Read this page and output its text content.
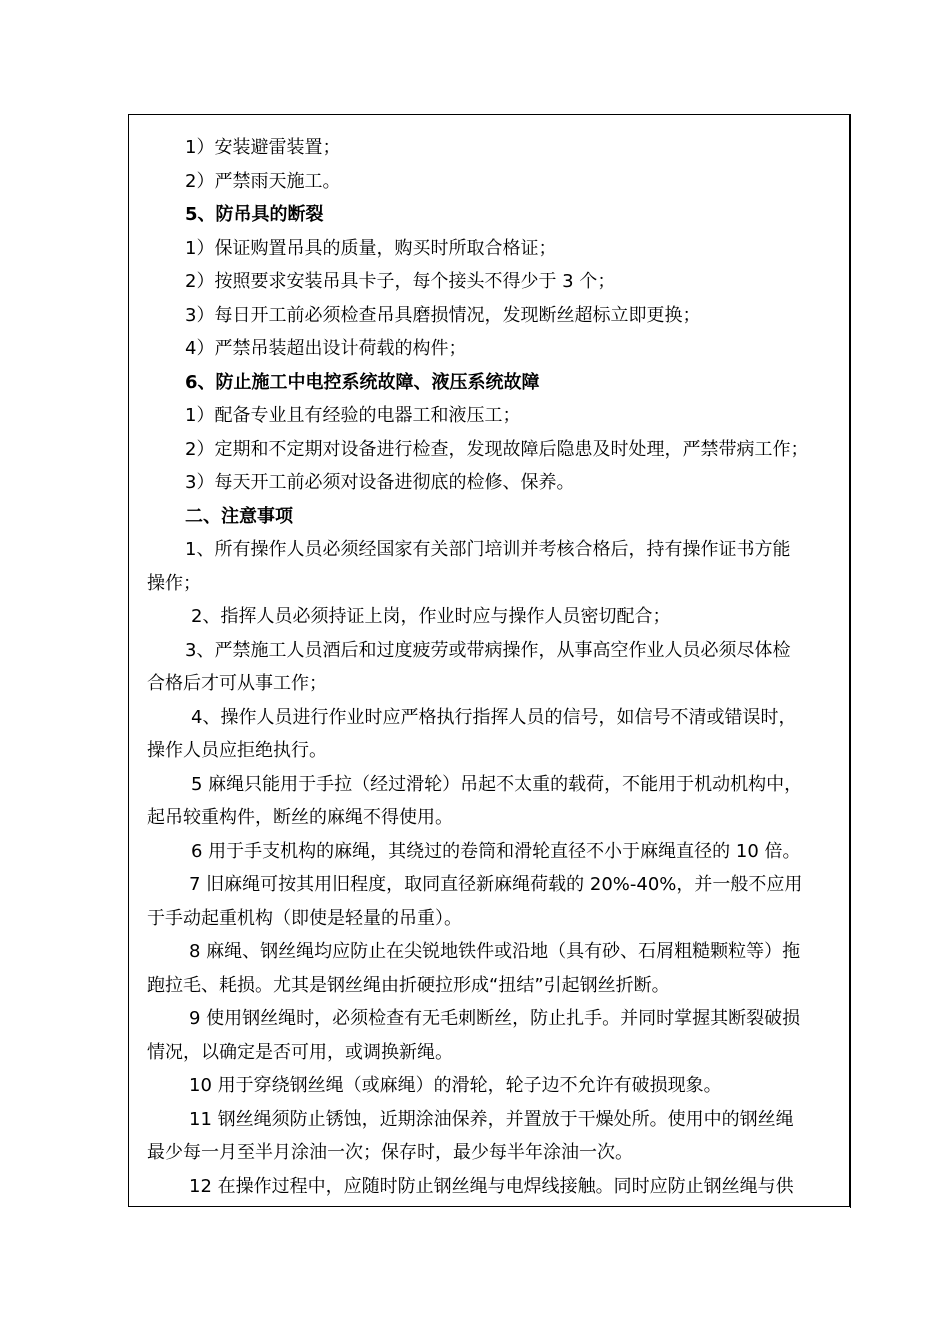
1）安装避雷装置；
2）严禁雨天施工。
5、防吊具的断裂
1）保证购置吊具的质量，购买时所取合格证；
2）按照要求安装吊具卡子，每个接头不得少于 3 个；
3）每日开工前必须检查吊具磨损情况，发现断丝超标立即更换；
4）严禁吊装超出设计荷载的构件；
6、防止施工中电控系统故障、液压系统故障
1）配备专业且有经验的电器工和液压工；
2）定期和不定期对设备进行检查，发现故障后隐患及时处理，严禁带病工作；
3）每天开工前必须对设备进彻底的检修、保养。
二、注意事项
1、所有操作人员必须经国家有关部门培训并考核合格后，持有操作证书方能
操作；
2、指挥人员必须持证上岗，作业时应与操作人员密切配合；
3、严禁施工人员酒后和过度疲劳或带病操作，从事高空作业人员必须尽体检
合格后才可从事工作；
4、操作人员进行作业时应严格执行指挥人员的信号，如信号不清或错误时，
操作人员应拒绝执行。
5 麻绳只能用于手拉（经过滑轮）吊起不太重的载荷，不能用于机动机构中，
起吊较重构件，断丝的麻绳不得使用。
6 用于手支机构的麻绳，其绕过的卷筒和滑轮直径不小于麻绳直径的 10 倍。
7 旧麻绳可按其用旧程度，取同直径新麻绳荷载的 20%-40%，并一般不应用
于手动起重机构（即使是轻量的吊重）。
8 麻绳、钢丝绳均应防止在尖锐地铁件或沿地（具有砂、石屑粗糙颗粒等）拖
跑拉毛、耗损。尤其是钢丝绳由折硬拉形成“扭结”引起钢丝折断。
9 使用钢丝绳时，必须检查有无毛刺断丝，防止扎手。并同时掌握其断裂破损
情况，以确定是否可用，或调换新绳。
10 用于穿绕钢丝绳（或麻绳）的滑轮，轮子边不允许有破损现象。
11 钢丝绳须防止锈蚀，近期涂油保养，并置放于干燥处所。使用中的钢丝绳
最少每一月至半月涂油一次；保存时，最少每半年涂油一次。
12 在操作过程中，应随时防止钢丝绳与电焊线接触。同时应防止钢丝绳与供
